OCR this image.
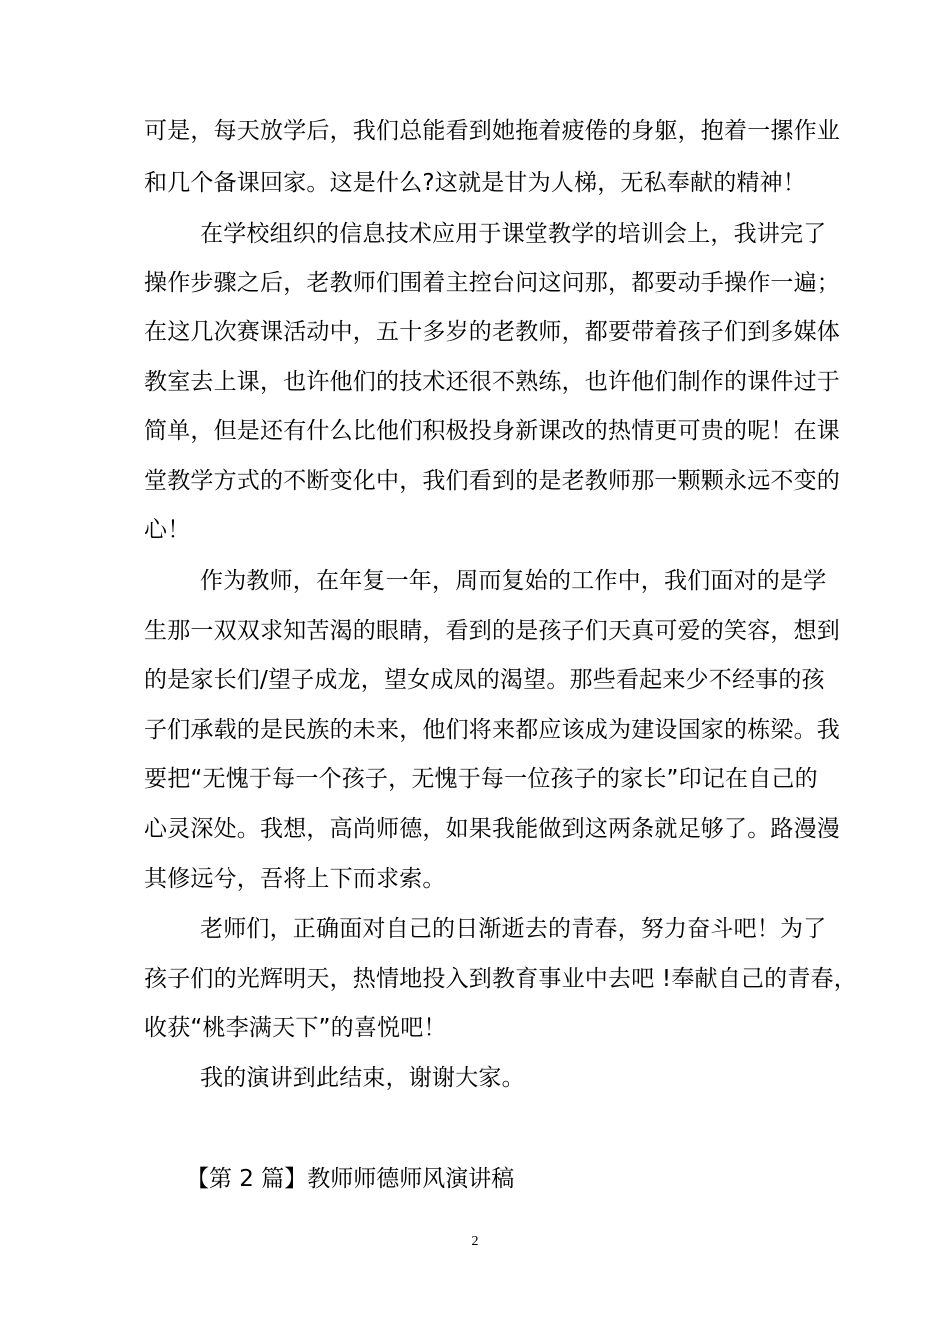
可是，每天放学后，我们总能看到她拖着疲倦的身躯，抱着一摞作业
和几个备课回家。这是什么?这就是甘为人梯，无私奉献的精神！
在学校组织的信息技术应用于课堂教学的培训会上，我讲完了
操作步骤之后，老教师们围着主控台问这问那，都要动手操作一遍；
在这几次赛课活动中，五十多岁的老教师，都要带着孩子们到多媒体
教室去上课，也许他们的技术还很不熟练，也许他们制作的课件过于
简单，但是还有什么比他们积极投身新课改的热情更可贵的呢！在课
堂教学方式的不断变化中，我们看到的是老教师那一颗颗永远不变的
心！
作为教师，在年复一年，周而复始的工作中，我们面对的是学
生那一双双求知苦渴的眼睛，看到的是孩子们天真可爱的笑容，想到
的是家长们/望子成龙，望女成凤的渴望。那些看起来少不经事的孩
子们承载的是民族的未来，他们将来都应该成为建设国家的栋梁。我
要把“无愧于每一个孩子，无愧于每一位孩子的家长”印记在自己的
心灵深处。我想，高尚师德，如果我能做到这两条就足够了。路漫漫
其修远兮，吾将上下而求索。
老师们，正确面对自己的日渐逝去的青春，努力奋斗吧！为了
孩子们的光辉明天，热情地投入到教育事业中去吧 !奉献自己的青春，
收获“桃李满天下”的喜悦吧！
我的演讲到此结束，谢谢大家。
【第 2 篇】教师师德师风演讲稿
2
